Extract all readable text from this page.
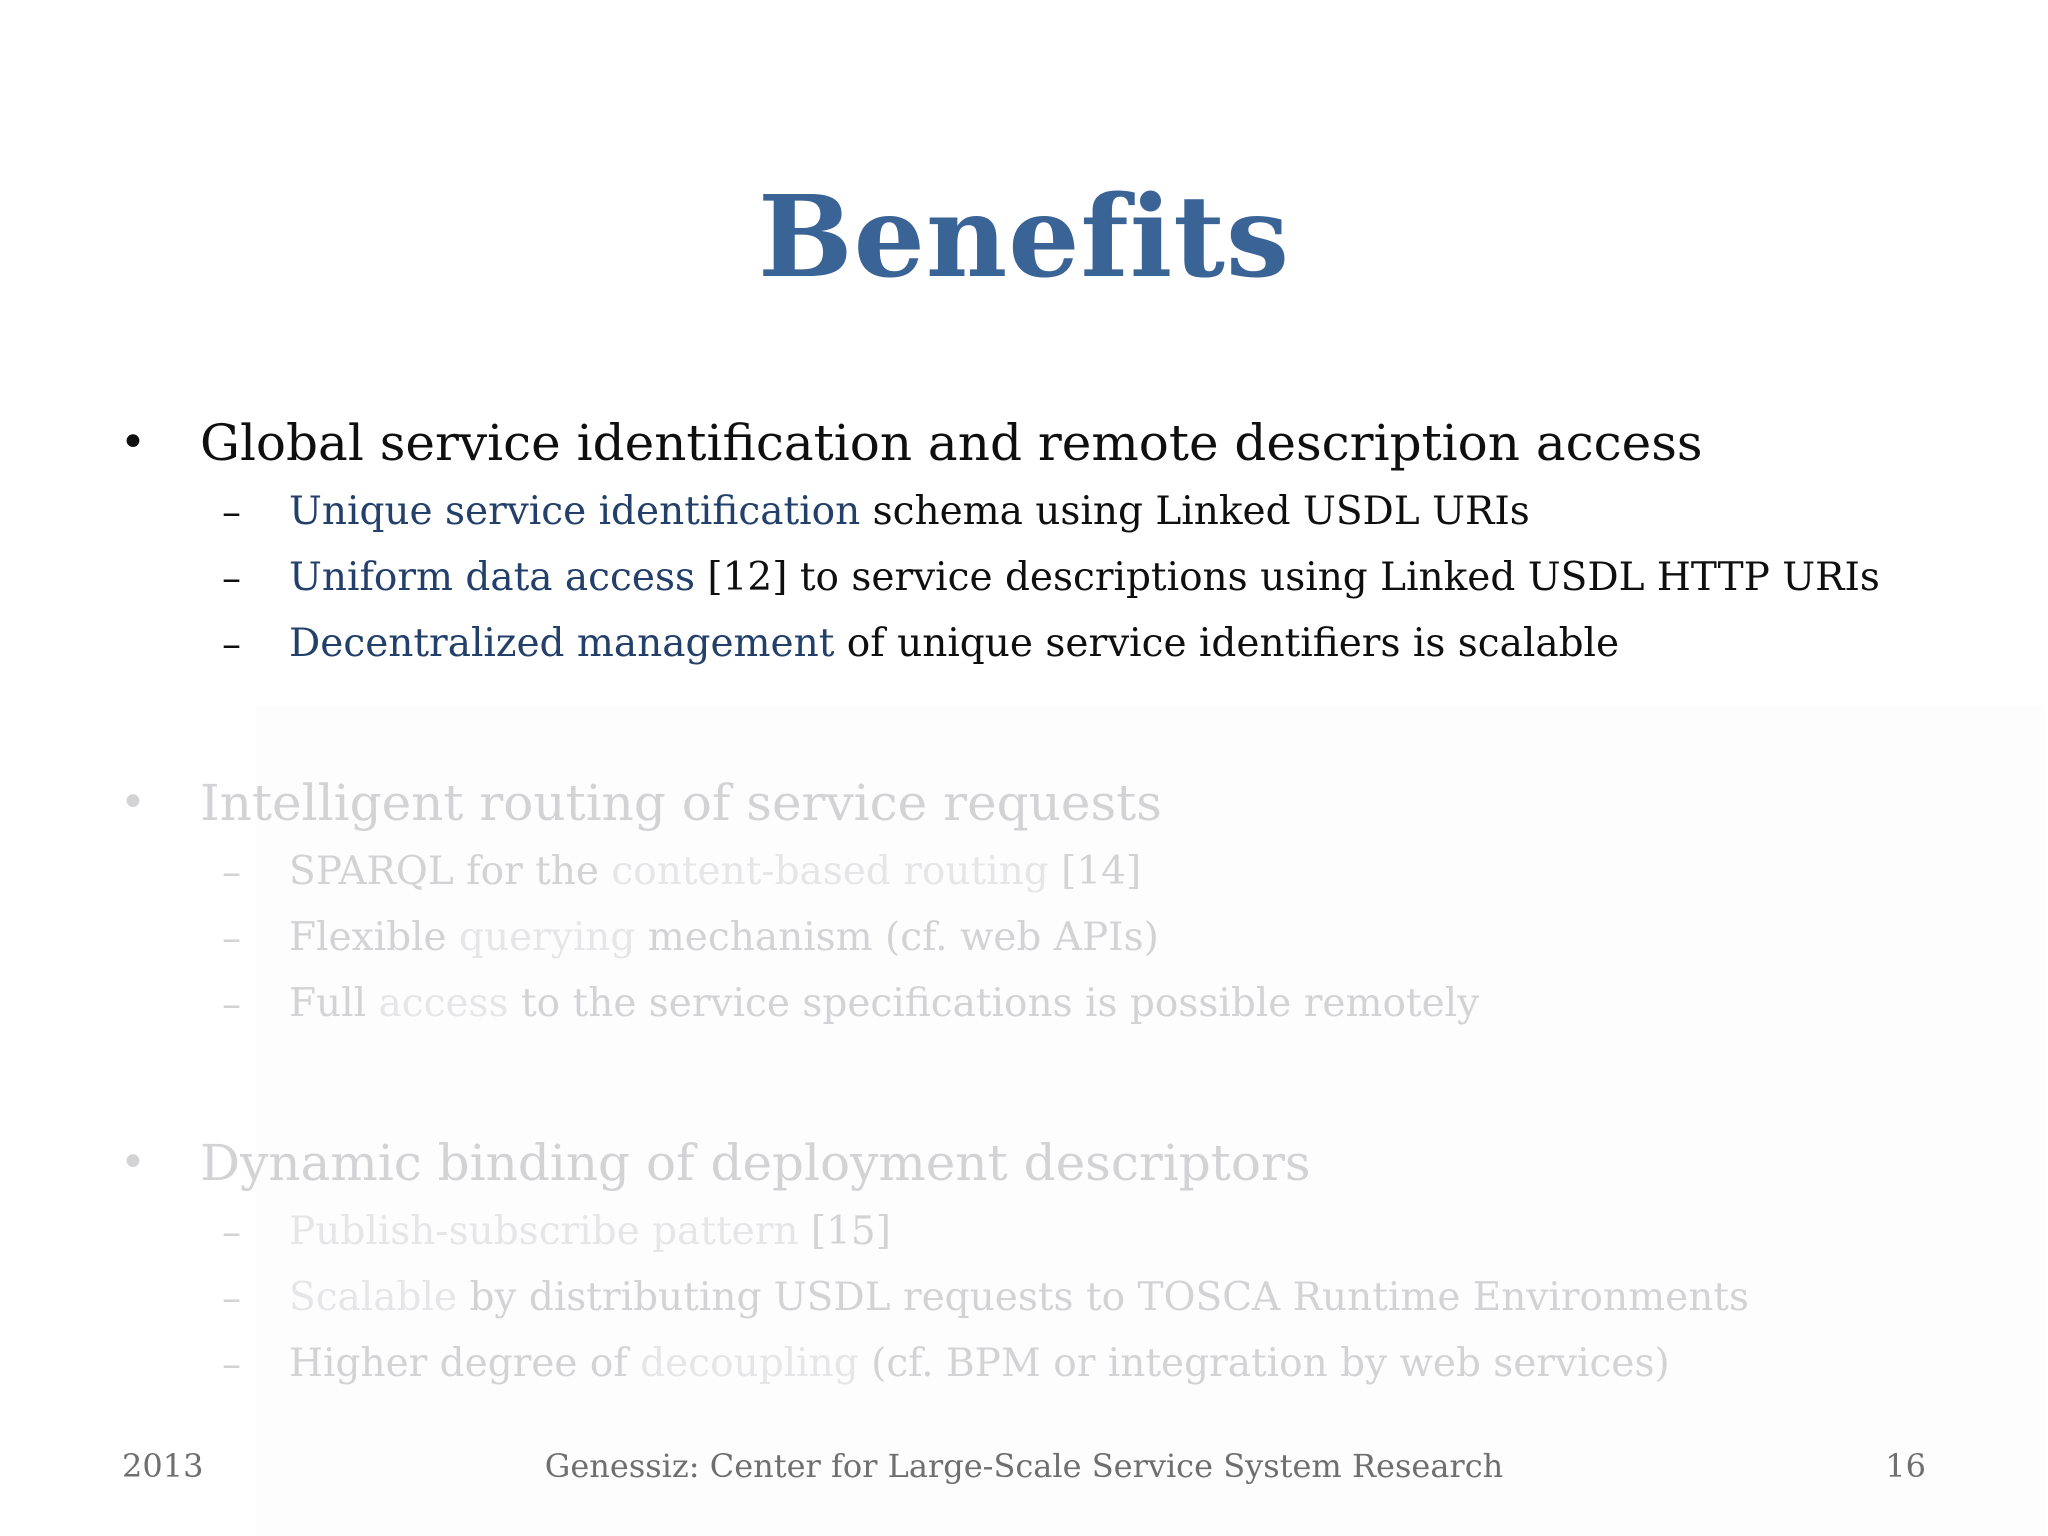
Benefits
• Global service identification and remote description access
– Unique service identification schema using Linked USDL URIs
– Uniform data access [12] to service descriptions using Linked USDL HTTP URIs
– Decentralized management of unique service identifiers is scalable
• Intelligent routing of service requests
– SPARQL for the content-based routing [14]
– Flexible querying mechanism (cf. web APIs)
– Full access to the service specifications is possible remotely
• Dynamic binding of deployment descriptors
– Publish-subscribe pattern [15]
– Scalable by distributing USDL requests to TOSCA Runtime Environments
– Higher degree of decoupling (cf. BPM or integration by web services)
2013	Genessiz: Center for Large-Scale Service System Research	16
